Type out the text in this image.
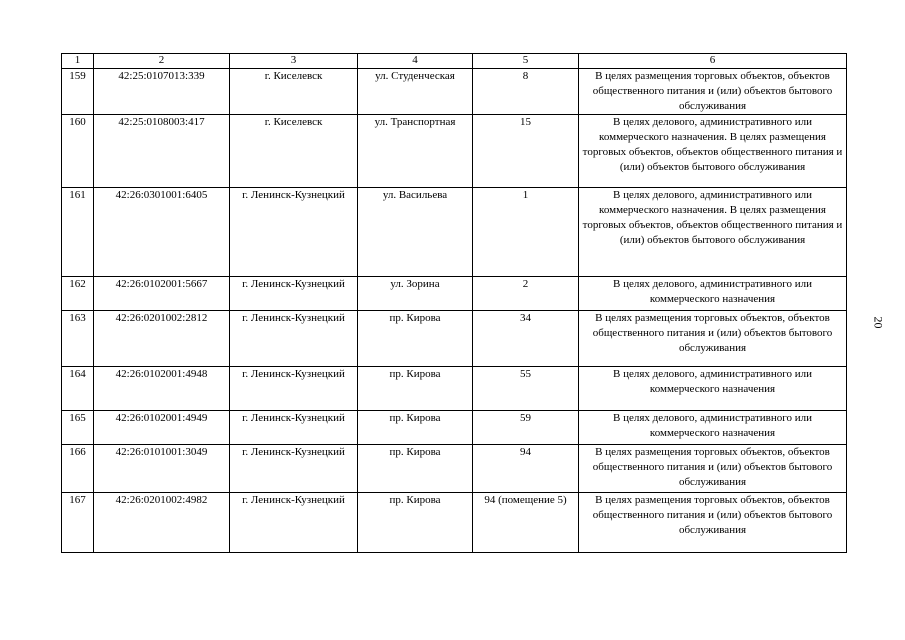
1	2	3	4	5	6
159	42:25:0107013:339	г. Киселевск	ул. Студенческая	8	В целях размещения торговых объектов, объектов общественного питания и (или) объектов бытового обслуживания
160	42:25:0108003:417	г. Киселевск	ул. Транспортная	15	В целях делового, административного или коммерческого назначения. В целях размещения торговых объектов, объектов общественного питания и (или) объектов бытового обслуживания
161	42:26:0301001:6405	г. Ленинск-Кузнецкий	ул. Васильева	1	В целях делового, административного или коммерческого назначения. В целях размещения торговых объектов, объектов общественного питания и (или) объектов бытового обслуживания
162	42:26:0102001:5667	г. Ленинск-Кузнецкий	ул. Зорина	2	В целях делового, административного или коммерческого назначения
163	42:26:0201002:2812	г. Ленинск-Кузнецкий	пр. Кирова	34	В целях размещения торговых объектов, объектов общественного питания и (или) объектов бытового обслуживания
164	42:26:0102001:4948	г. Ленинск-Кузнецкий	пр. Кирова	55	В целях делового, административного или коммерческого назначения
165	42:26:0102001:4949	г. Ленинск-Кузнецкий	пр. Кирова	59	В целях делового, административного или коммерческого назначения
166	42:26:0101001:3049	г. Ленинск-Кузнецкий	пр. Кирова	94	В целях размещения торговых объектов, объектов общественного питания и (или) объектов бытового обслуживания
167	42:26:0201002:4982	г. Ленинск-Кузнецкий	пр. Кирова	94 (помещение 5)	В целях размещения торговых объектов, объектов общественного питания и (или) объектов бытового обслуживания
20
